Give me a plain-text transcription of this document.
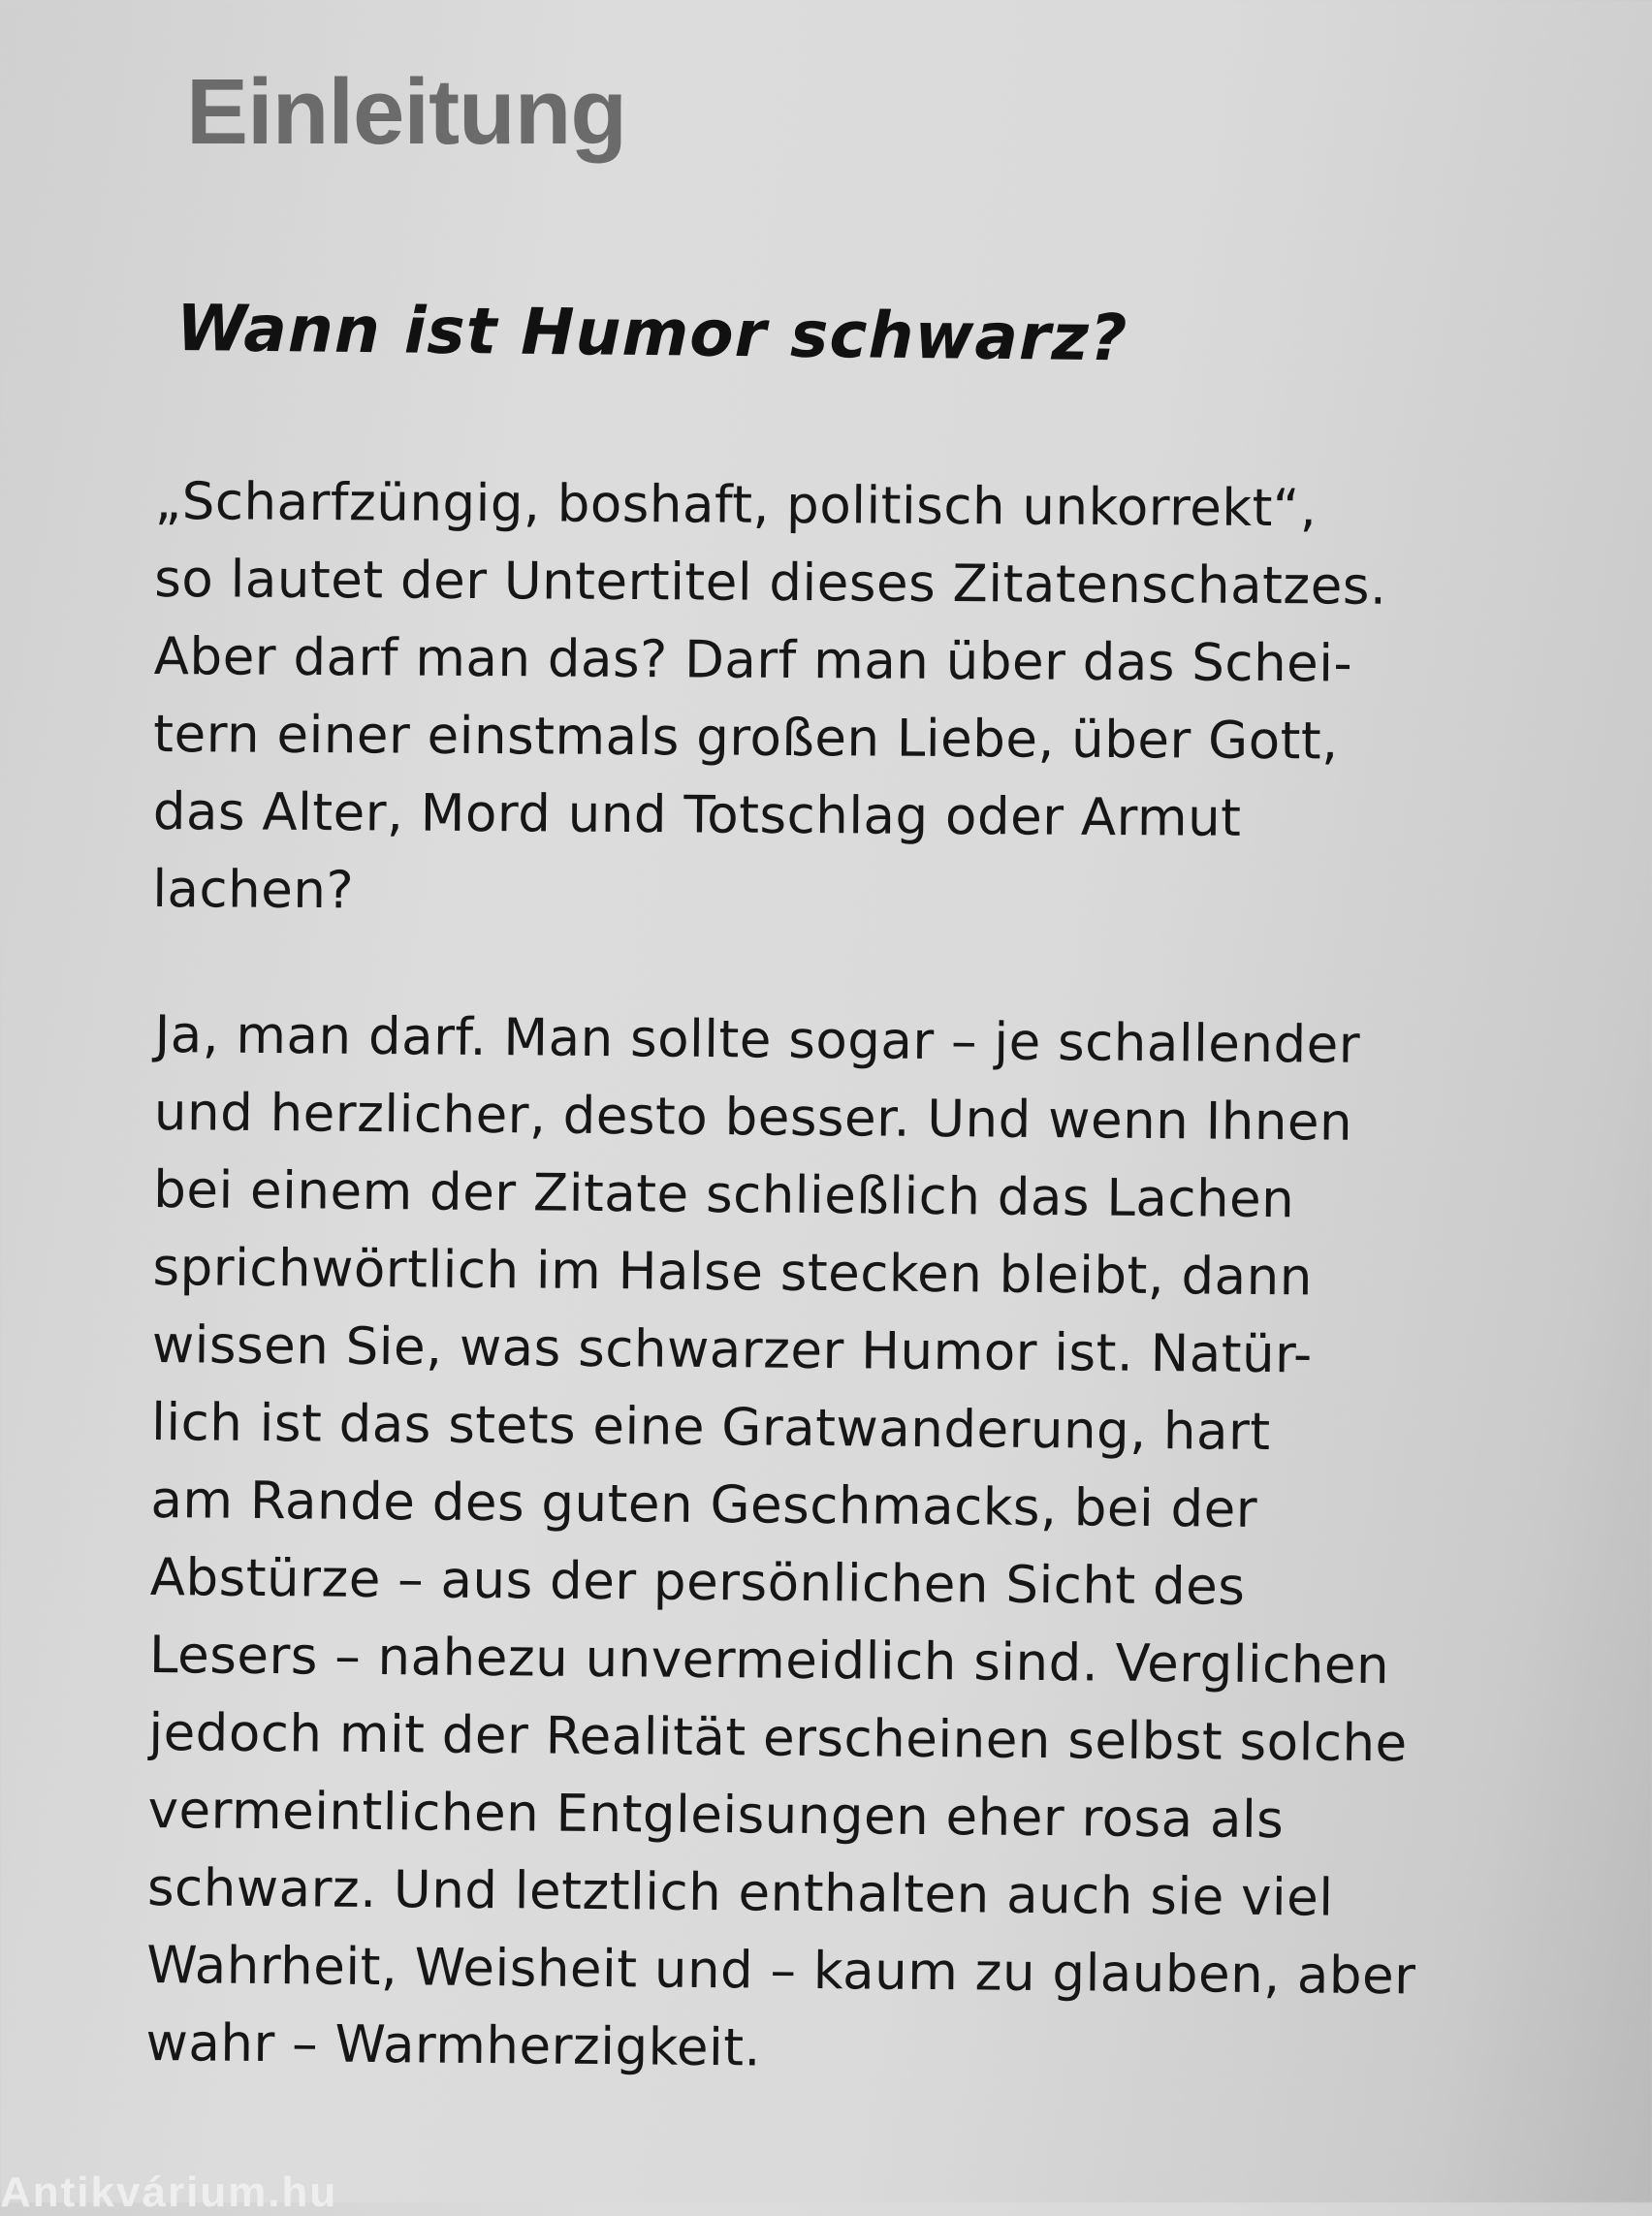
Einleitung
Wann ist Humor schwarz?

„Scharfzüngig, boshaft, politisch unkorrekt“,
so lautet der Untertitel dieses Zitatenschatzes.
Aber darf man das? Darf man über das Schei-
tern einer einstmals großen Liebe, über Gott,
das Alter, Mord und Totschlag oder Armut
lachen?

Ja, man darf. Man sollte sogar – je schallender
und herzlicher, desto besser. Und wenn Ihnen
bei einem der Zitate schließlich das Lachen
sprichwörtlich im Halse stecken bleibt, dann
wissen Sie, was schwarzer Humor ist. Natür-
lich ist das stets eine Gratwanderung, hart
am Rande des guten Geschmacks, bei der
Abstürze – aus der persönlichen Sicht des
Lesers – nahezu unvermeidlich sind. Verglichen
jedoch mit der Realität erscheinen selbst solche
vermeintlichen Entgleisungen eher rosa als
schwarz. Und letztlich enthalten auch sie viel
Wahrheit, Weisheit und – kaum zu glauben, aber
wahr – Warmherzigkeit.

Antikvárium.hu
